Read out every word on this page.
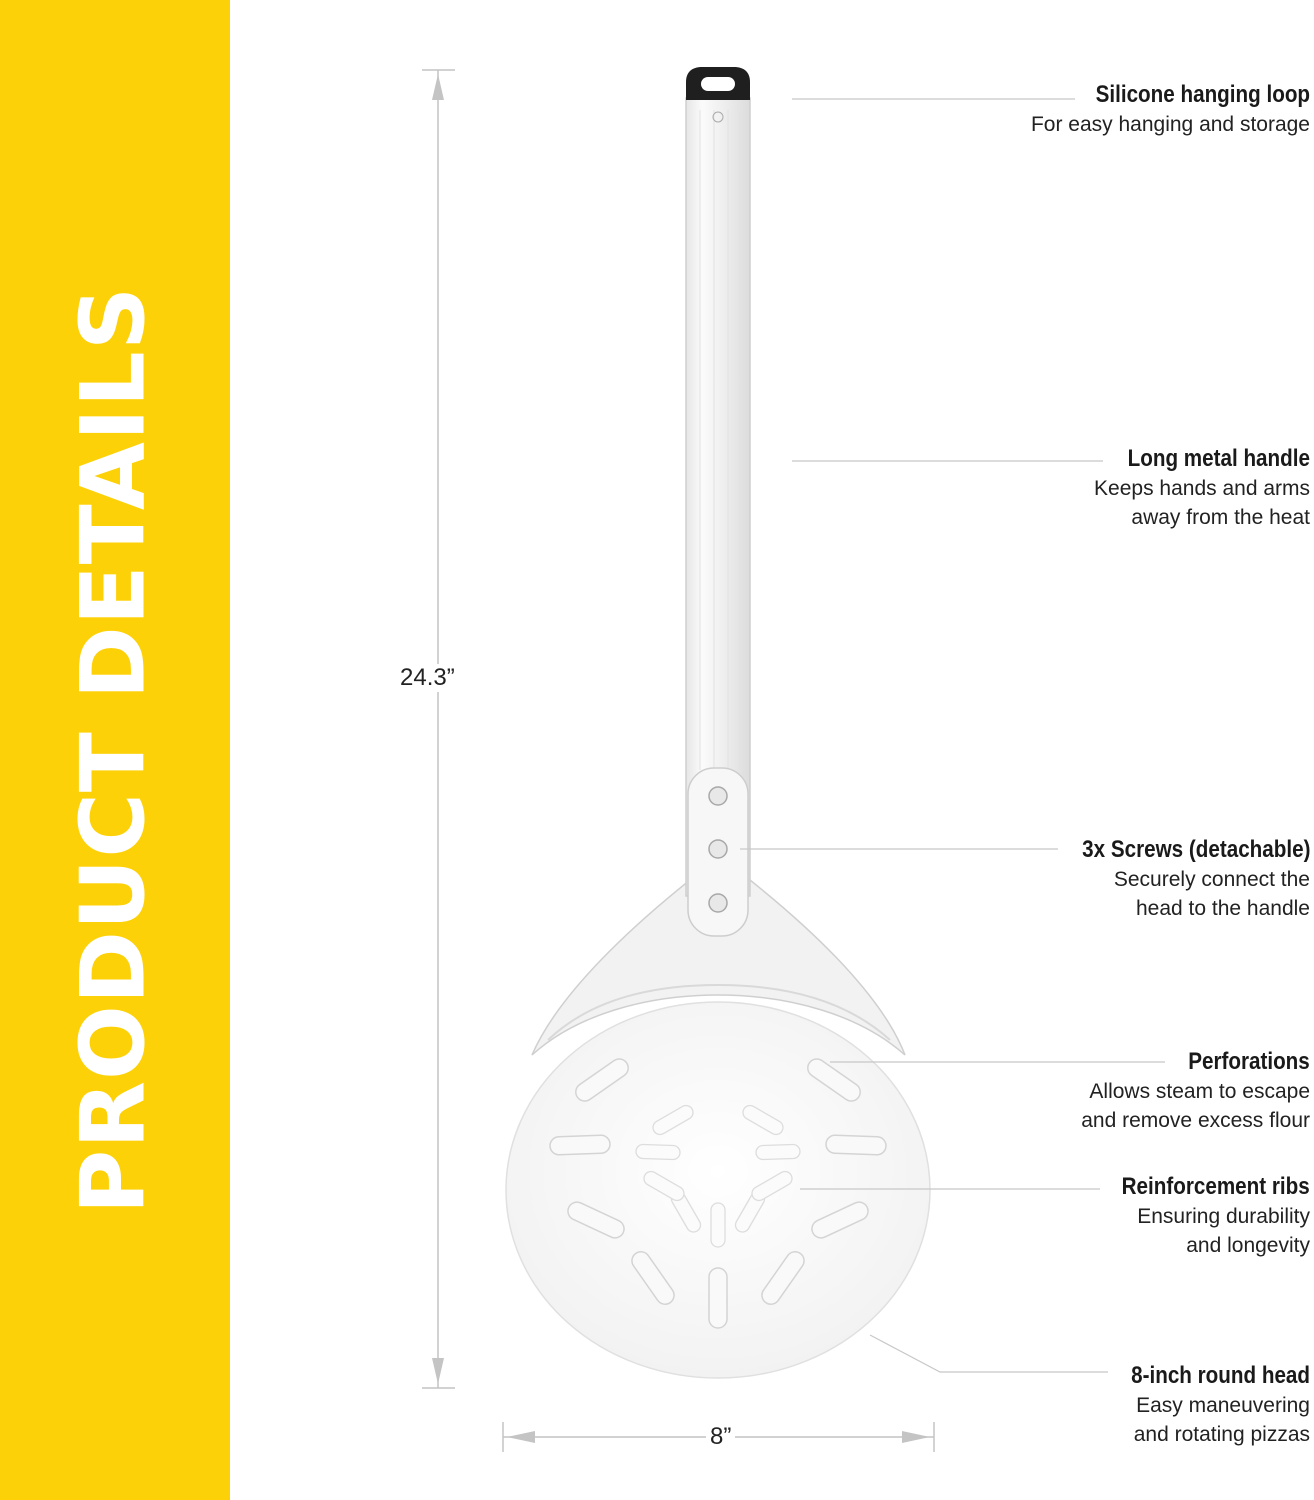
PRODUCT DETAILS	24.3”
8”
Silicone hanging loop
For easy hanging and storage
Long metal handle
Keeps hands and arms
away from the heat
3x Screws (detachable)
Securely connect the
head to the handle
Perforations
Allows steam to escape
and remove excess flour
Reinforcement ribs
Ensuring durability
and longevity
8-inch round head
Easy maneuvering
and rotating pizzas
